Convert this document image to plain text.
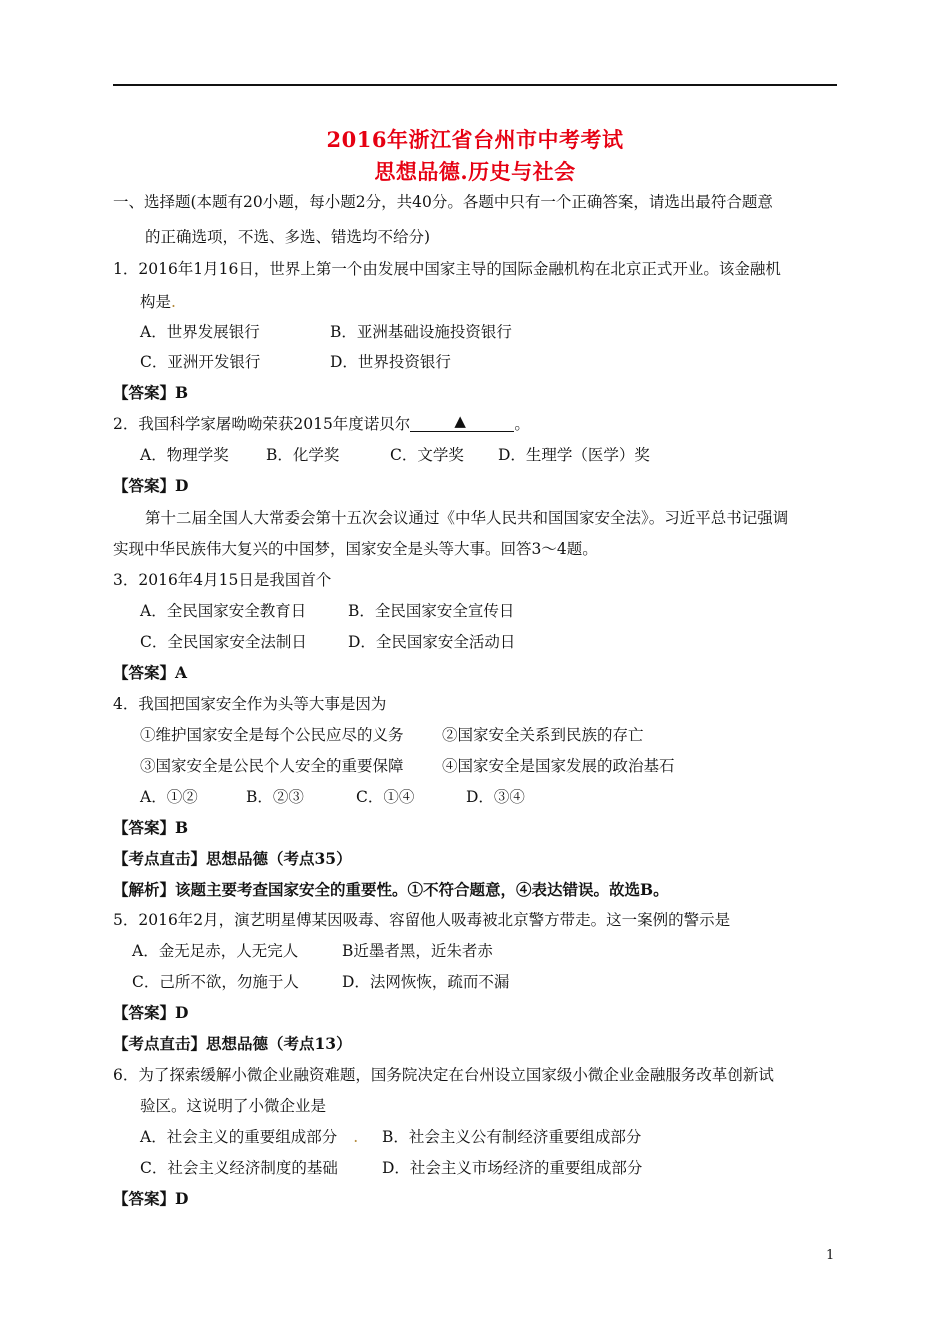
2016年浙江省台州市中考考试
思想品德.历史与社会
一、选择题(本题有20小题，每小题2分，共40分。各题中只有一个正确答案，请选出最符合题意
的正确选项，不选、多选、错选均不给分)
1．2016年1月16日，世界上第一个由发展中国家主导的国际金融机构在北京正式开业。该金融机
构是.
A．世界发展银行	B．亚洲基础设施投资银行
C．亚洲开发银行	D．世界投资银行
【答案】B
2．我国科学家屠呦呦荣获2015年度诺贝尔	▲	。
A．物理学奖 B．化学奖	C．文学奖 D．生理学（医学）奖
【答案】D
第十二届全国人大常委会第十五次会议通过《中华人民共和国国家安全法》。习近平总书记强调
实现中华民族伟大复兴的中国梦，国家安全是头等大事。回答3～4题。
3．2016年4月15日是我国首个
A．全民国家安全教育日	B．全民国家安全宣传日
C．全民国家安全法制日	D．全民国家安全活动日
【答案】A
4．我国把国家安全作为头等大事是因为
①维护国家安全是每个公民应尽的义务 ②国家安全关系到民族的存亡
③国家安全是公民个人安全的重要保障 ④国家安全是国家发展的政治基石
A．①②	B．②③	C．①④	D．③④
【答案】B
【考点直击】思想品德（考点35）
【解析】该题主要考查国家安全的重要性。①不符合题意，④表达错误。故选B。
5．2016年2月，演艺明星傅某因吸毒、容留他人吸毒被北京警方带走。这一案例的警示是
A．金无足赤，人无完人	B近墨者黑，近朱者赤
C．己所不欲，勿施于人	D．法网恢恢，疏而不漏
【答案】D
【考点直击】思想品德（考点13）
6．为了探索缓解小微企业融资难题，国务院决定在台州设立国家级小微企业金融服务改革创新试
验区。这说明了小微企业是
A．社会主义的重要组成部分 . B．社会主义公有制经济重要组成部分
C．社会主义经济制度的基础	D．社会主义市场经济的重要组成部分
【答案】D
1
